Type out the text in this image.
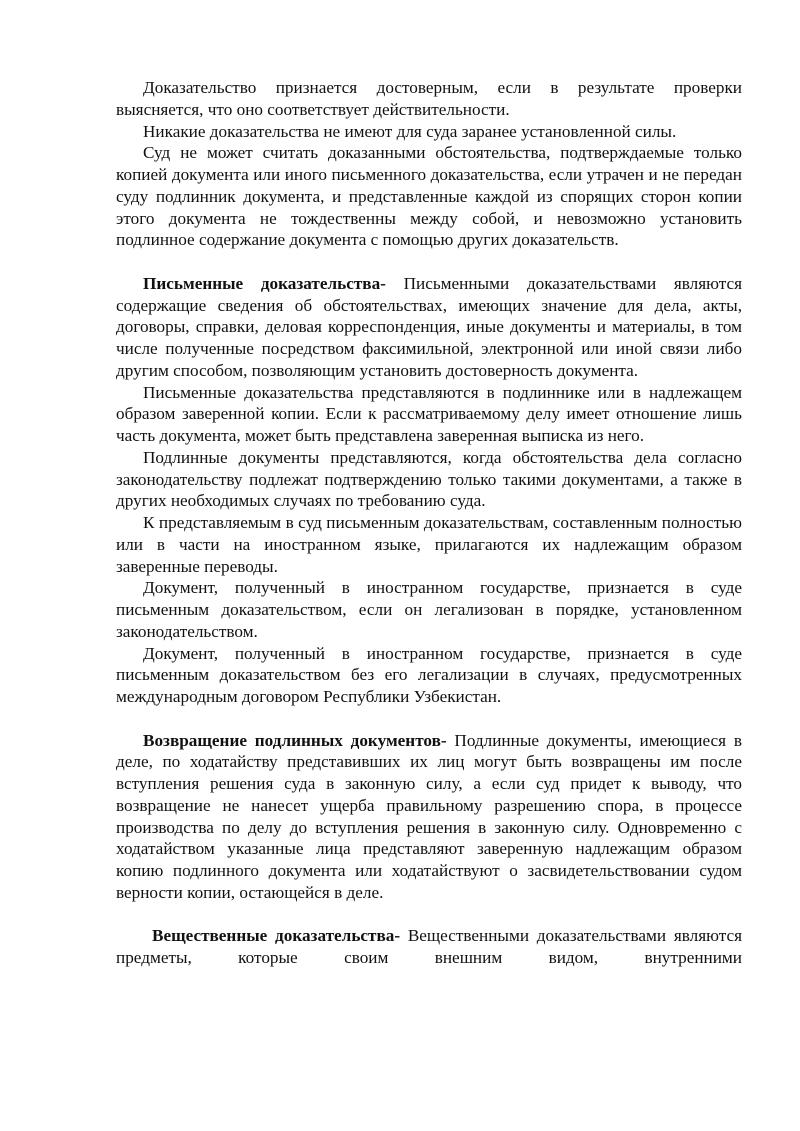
Доказательство признается достоверным, если в результате проверки выясняется, что оно соответствует действительности.

Никакие доказательства не имеют для суда заранее установленной силы.

Суд не может считать доказанными обстоятельства, подтверждаемые только копией документа или иного письменного доказательства, если утрачен и не передан суду подлинник документа, и представленные каждой из спорящих сторон копии этого документа не тождественны между собой, и невозможно установить подлинное содержание документа с помощью других доказательств.

Письменные доказательства- Письменными доказательствами являются содержащие сведения об обстоятельствах, имеющих значение для дела, акты, договоры, справки, деловая корреспонденция, иные документы и материалы, в том числе полученные посредством факсимильной, электронной или иной связи либо другим способом, позволяющим установить достоверность документа.

Письменные доказательства представляются в подлиннике или в надлежащем образом заверенной копии. Если к рассматриваемому делу имеет отношение лишь часть документа, может быть представлена заверенная выписка из него.

Подлинные документы представляются, когда обстоятельства дела согласно законодательству подлежат подтверждению только такими документами, а также в других необходимых случаях по требованию суда.

К представляемым в суд письменным доказательствам, составленным полностью или в части на иностранном языке, прилагаются их надлежащим образом заверенные переводы.

Документ, полученный в иностранном государстве, признается в суде письменным доказательством, если он легализован в порядке, установленном законодательством.

Документ, полученный в иностранном государстве, признается в суде письменным доказательством без его легализации в случаях, предусмотренных международным договором Республики Узбекистан.

Возвращение подлинных документов- Подлинные документы, имеющиеся в деле, по ходатайству представивших их лиц могут быть возвращены им после вступления решения суда в законную силу, а если суд придет к выводу, что возвращение не нанесет ущерба правильному разрешению спора, в процессе производства по делу до вступления решения в законную силу. Одновременно с ходатайством указанные лица представляют заверенную надлежащим образом копию подлинного документа или ходатайствуют о засвидетельствовании судом верности копии, остающейся в деле.

Вещественные доказательства- Вещественными доказательствами являются предметы, которые своим внешним видом, внутренними
